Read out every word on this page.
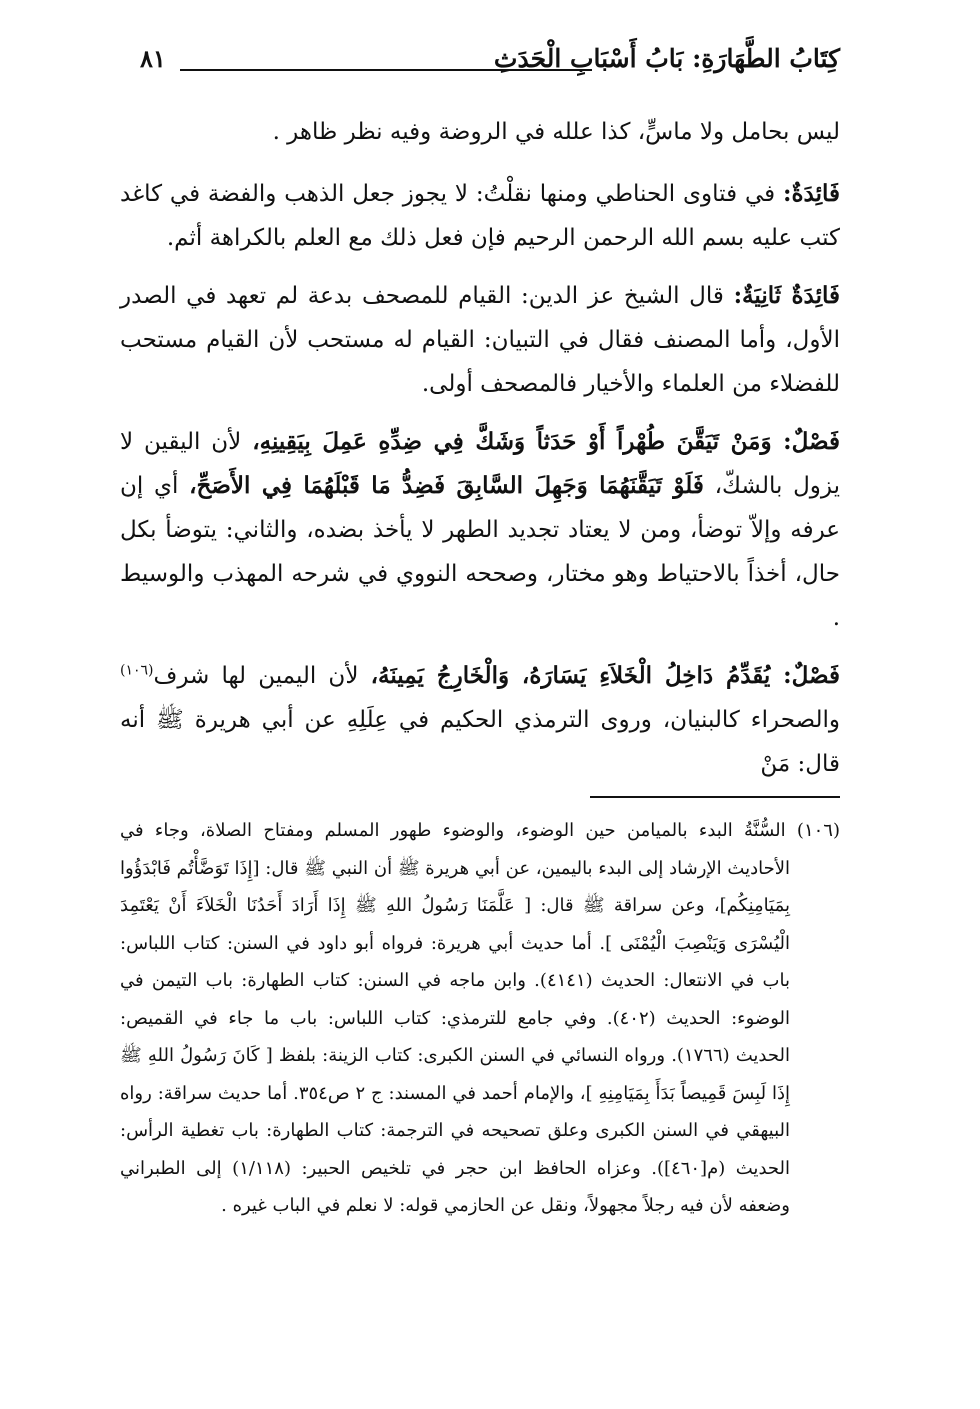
كِتَابُ الطَّهَارَةِ: بَابُ أَسْبَابِ الْحَدَثِ
٨١

ليس بحامل ولا ماسٍّ، كذا علله في الروضة وفيه نظر ظاهر .

فَائِدَةٌ: في فتاوى الحناطي ومنها نقلْتُ: لا يجوز جعل الذهب والفضة في كاغد كتب عليه بسم الله الرحمن الرحيم فإن فعل ذلك مع العلم بالكراهة أثم.

فَائِدَةٌ ثَانِيَةٌ: قال الشيخ عز الدين: القيام للمصحف بدعة لم تعهد في الصدر الأول، وأما المصنف فقال في التبيان: القيام له مستحب لأن القيام مستحب للفضلاء من العلماء والأخيار فالمصحف أولى.

فَصْلٌ: وَمَنْ تَيَقَّنَ طُهْراً أَوْ حَدَثاً وَشَكَّ فِي ضِدِّهِ عَمِلَ بِيَقِينِهِ، لأن اليقين لا يزول بالشكّ، فَلَوْ تَيَقَّنَهُمَا وَجَهِلَ السَّابِقَ فَضِدُّ مَا قَبْلَهُمَا فِي الأَصَحِّ، أي إن عرفه وإلاّ توضأ، ومن لا يعتاد تجديد الطهر لا يأخذ بضده، والثاني: يتوضأ بكل حال، أخذاً بالاحتياط وهو مختار، وصححه النووي في شرحه المهذب والوسيط .

فَصْلٌ: يُقَدِّمُ دَاخِلُ الْخَلاَءِ يَسَارَهُ، وَالْخَارِجُ يَمِينَهُ، لأن اليمين لها شرف$^{(١٠٦)}$ والصحراء كالبنيان، وروى الترمذي الحكيم في عِلَلِهِ عن أبي هريرة ﷺ أنه قال: مَنْ

(١٠٦) السُّنَّةُ البدء بالميامن حين الوضوء، والوضوء طهور المسلم ومفتاح الصلاة، وجاء في الأحاديث الإرشاد إلى البدء باليمين، عن أبي هريرة ﷺ أن النبي ﷺ قال: [إِذَا تَوَضَّأْتُم فَابْدَؤُوا بِمَيَامِنِكُم]، وعن سراقة ﷺ قال: [ عَلَّمَنَا رَسُولُ اللهِ ﷺ إِذَا أَرَادَ أَحَدُنَا الْخَلاَءَ أَنْ يَعْتَمِدَ الْيُسْرَى وَيَنْصِبَ الْيُمْنَى ]. أما حديث أبي هريرة: فرواه أبو داود في السنن: كتاب اللباس: باب في الانتعال: الحديث (٤١٤١). وابن ماجه في السنن: كتاب الطهارة: باب التيمن في الوضوء: الحديث (٤٠٢). وفي جامع للترمذي: كتاب اللباس: باب ما جاء في القميص: الحديث (١٧٦٦). ورواه النسائي في السنن الكبرى: كتاب الزينة: بلفظ [ كَانَ رَسُولُ اللهِ ﷺ إِذَا لَبِسَ قَمِيصاً بَدَأَ بِمَيَامِنِهِ ]، والإمام أحمد في المسند: ج ٢ ص٣٥٤. أما حديث سراقة: رواه البيهقي في السنن الكبرى وعلق تصحيحه في الترجمة: كتاب الطهارة: باب تغطية الرأس: الحديث (م[٤٦٠]). وعزاه الحافظ ابن حجر في تلخيص الحبير: (١/١١٨) إلى الطبراني وضعفه لأن فيه رجلاً مجهولاً، ونقل عن الحازمي قوله: لا نعلم في الباب غيره .
